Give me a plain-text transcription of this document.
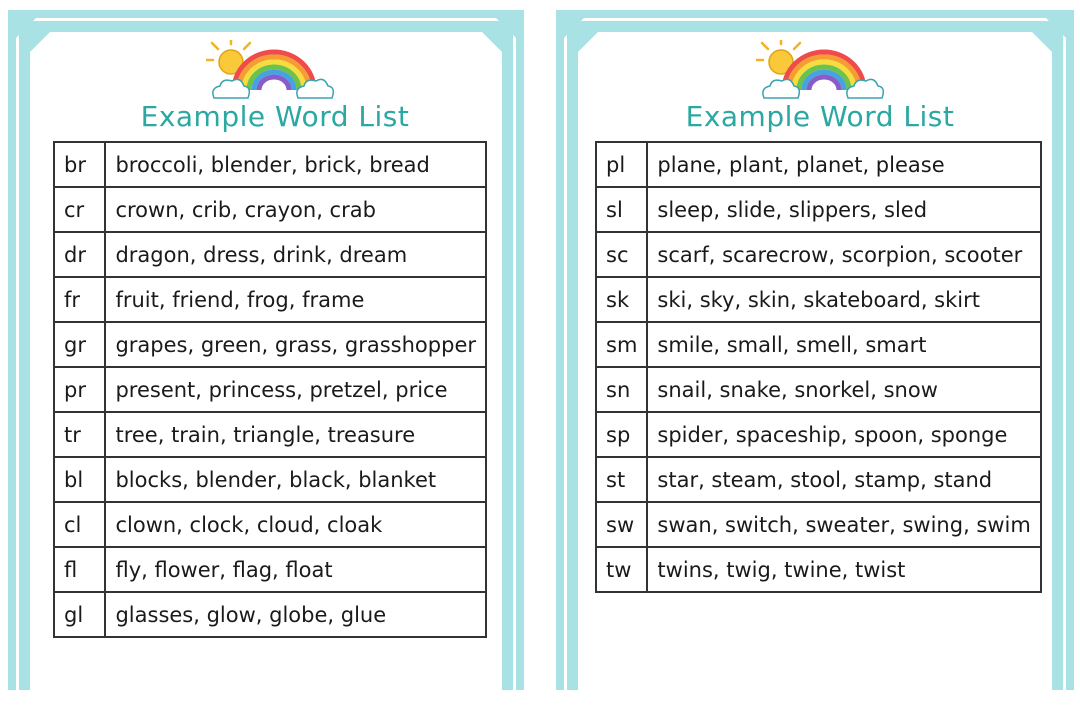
Example Word List	Example Word List
br	broccoli, blender, brick, bread
cr	crown, crib, crayon, crab
dr	dragon, dress, drink, dream
fr	fruit, friend, frog, frame
gr	grapes, green, grass, grasshopper
pr	present, princess, pretzel, price
tr	tree, train, triangle, treasure
bl	blocks, blender, black, blanket
cl	clown, clock, cloud, cloak
fl	fly, flower, flag, float
gl	glasses, glow, globe, glue
pl	plane, plant, planet, please
sl	sleep, slide, slippers, sled
sc	scarf, scarecrow, scorpion, scooter
sk	ski, sky, skin, skateboard, skirt
sm	smile, small, smell, smart
sn	snail, snake, snorkel, snow
sp	spider, spaceship, spoon, sponge
st	star, steam, stool, stamp, stand
sw	swan, switch, sweater, swing, swim
tw	twins, twig, twine, twist
